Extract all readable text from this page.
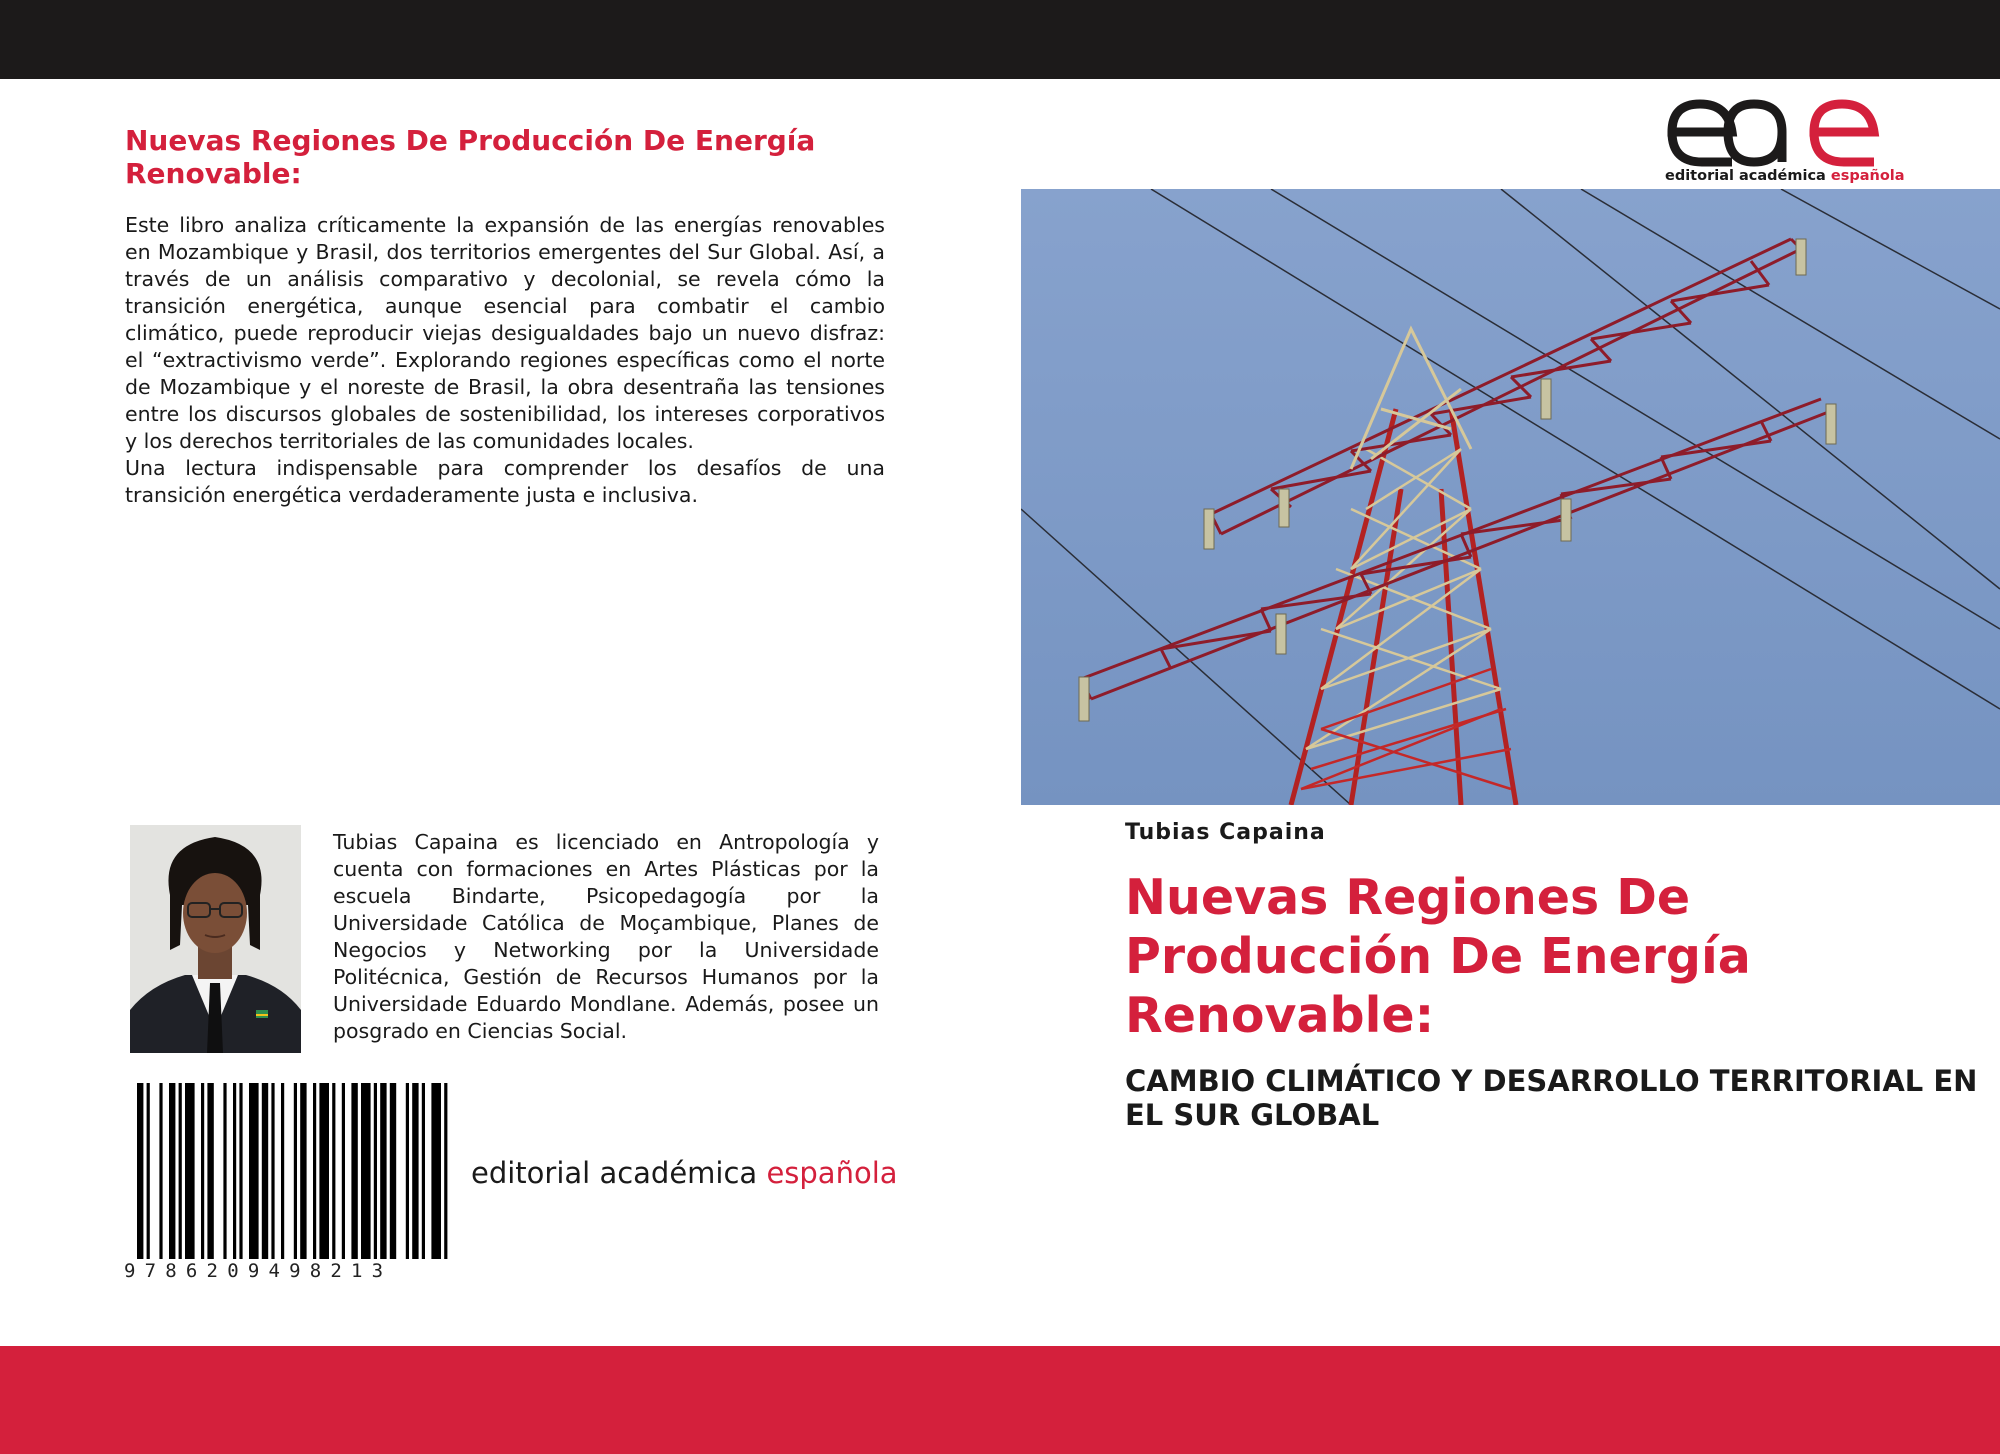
Nuevas Regiones De Producción De Energía Renovable:

Este libro analiza críticamente la expansión de las energías renovables en Mozambique y Brasil, dos territorios emergentes del Sur Global. Así, a través de un análisis comparativo y decolonial, se revela cómo la transición energética, aunque esencial para combatir el cambio climático, puede reproducir viejas desigualdades bajo un nuevo disfraz: el “extractivismo verde”. Explorando regiones específicas como el norte de Mozambique y el noreste de Brasil, la obra desentraña las tensiones entre los discursos globales de sostenibilidad, los intereses corporativos y los derechos territoriales de las comunidades locales.

Una lectura indispensable para comprender los desafíos de una transición energética verdaderamente justa e inclusiva.

Tubias Capaina es licenciado en Antropología y cuenta con formaciones en Artes Plásticas por la escuela Bindarte, Psicopedagogía por la Universidade Católica de Moçambique, Planes de Negocios y Networking por la Universidade Politécnica, Gestión de Recursos Humanos por la Universidade Eduardo Mondlane. Además, posee un posgrado en Ciencias Social.

9786209498213
editorial académica española
editorial académica española
Tubias Capaina
Nuevas Regiones De Producción De Energía Renovable:
CAMBIO CLIMÁTICO Y DESARROLLO TERRITORIAL EN EL SUR GLOBAL
